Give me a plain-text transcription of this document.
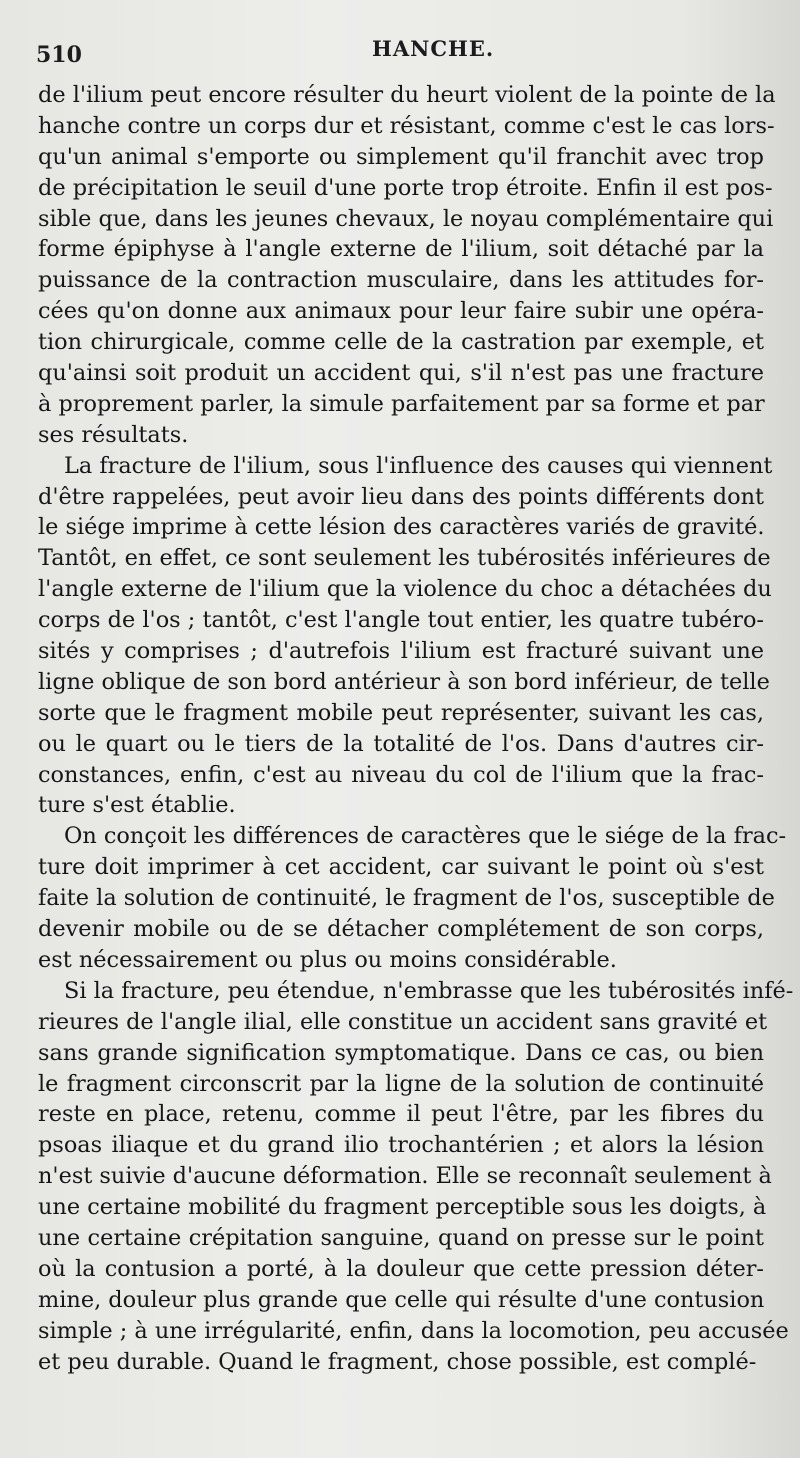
510	HANCHE.
de l'ilium peut encore résulter du heurt violent de la pointe de la
hanche contre un corps dur et résistant, comme c'est le cas lors-
qu'un animal s'emporte ou simplement qu'il franchit avec trop
de précipitation le seuil d'une porte trop étroite. Enfin il est pos-
sible que, dans les jeunes chevaux, le noyau complémentaire qui
forme épiphyse à l'angle externe de l'ilium, soit détaché par la
puissance de la contraction musculaire, dans les attitudes for-
cées qu'on donne aux animaux pour leur faire subir une opéra-
tion chirurgicale, comme celle de la castration par exemple, et
qu'ainsi soit produit un accident qui, s'il n'est pas une fracture
à proprement parler, la simule parfaitement par sa forme et par
ses résultats.
La fracture de l'ilium, sous l'influence des causes qui viennent
d'être rappelées, peut avoir lieu dans des points différents dont
le siége imprime à cette lésion des caractères variés de gravité.
Tantôt, en effet, ce sont seulement les tubérosités inférieures de
l'angle externe de l'ilium que la violence du choc a détachées du
corps de l'os ; tantôt, c'est l'angle tout entier, les quatre tubéro-
sités y comprises ; d'autrefois l'ilium est fracturé suivant une
ligne oblique de son bord antérieur à son bord inférieur, de telle
sorte que le fragment mobile peut représenter, suivant les cas,
ou le quart ou le tiers de la totalité de l'os. Dans d'autres cir-
constances, enfin, c'est au niveau du col de l'ilium que la frac-
ture s'est établie.
On conçoit les différences de caractères que le siége de la frac-
ture doit imprimer à cet accident, car suivant le point où s'est
faite la solution de continuité, le fragment de l'os, susceptible de
devenir mobile ou de se détacher complétement de son corps,
est nécessairement ou plus ou moins considérable.
Si la fracture, peu étendue, n'embrasse que les tubérosités infé-
rieures de l'angle ilial, elle constitue un accident sans gravité et
sans grande signification symptomatique. Dans ce cas, ou bien
le fragment circonscrit par la ligne de la solution de continuité
reste en place, retenu, comme il peut l'être, par les fibres du
psoas iliaque et du grand ilio trochantérien ; et alors la lésion
n'est suivie d'aucune déformation. Elle se reconnaît seulement à
une certaine mobilité du fragment perceptible sous les doigts, à
une certaine crépitation sanguine, quand on presse sur le point
où la contusion a porté, à la douleur que cette pression déter-
mine, douleur plus grande que celle qui résulte d'une contusion
simple ; à une irrégularité, enfin, dans la locomotion, peu accusée
et peu durable. Quand le fragment, chose possible, est complé-
